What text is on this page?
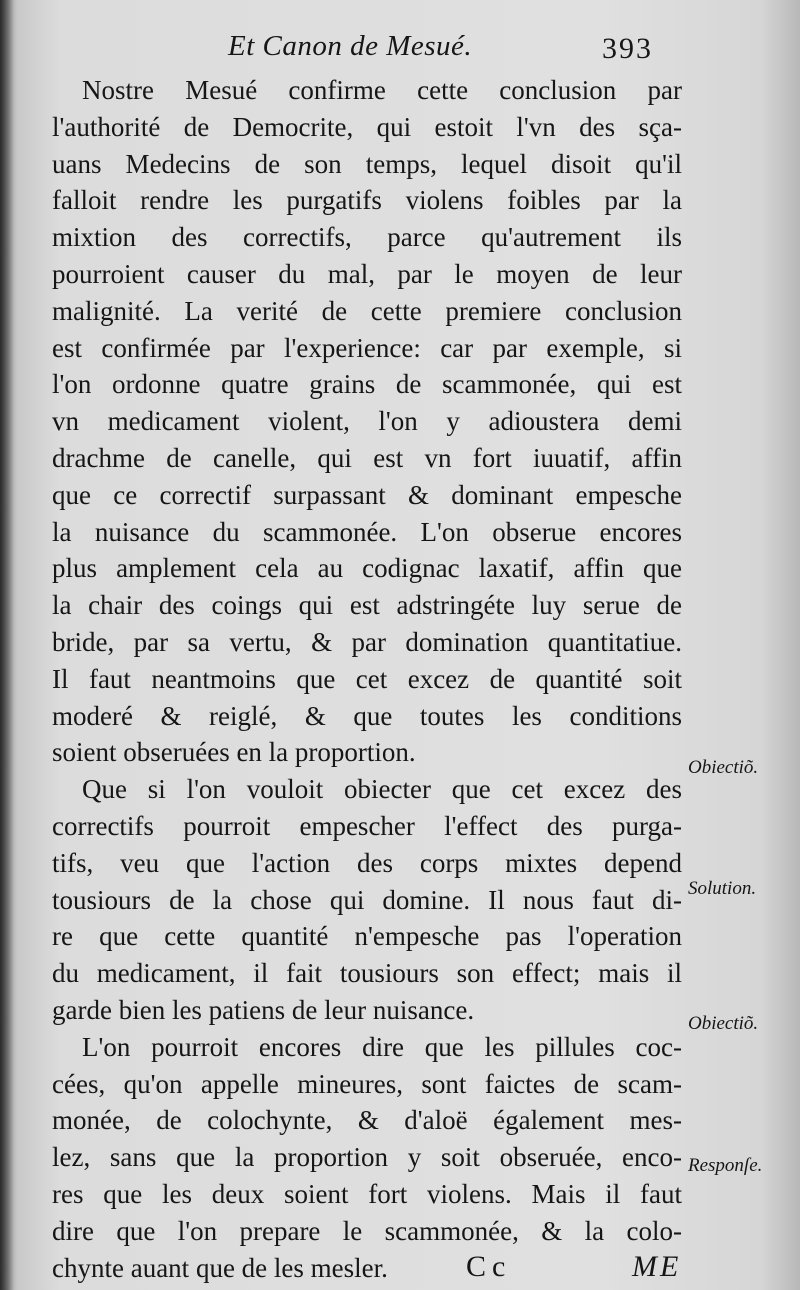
Et Canon de Mesué.	393
Nostre Mesué confirme cette conclusion par
l'authorité de Democrite, qui estoit l'vn des sça-
uans Medecins de son temps, lequel disoit qu'il
falloit rendre les purgatifs violens foibles par la
mixtion des correctifs, parce qu'autrement ils
pourroient causer du mal, par le moyen de leur
malignité. La verité de cette premiere conclusion
est confirmée par l'experience: car par exemple, si
l'on ordonne quatre grains de scammonée, qui est
vn medicament violent, l'on y adioustera demi
drachme de canelle, qui est vn fort iuuatif, affin
que ce correctif surpassant & dominant empesche
la nuisance du scammonée. L'on obserue encores
plus amplement cela au codignac laxatif, affin que
la chair des coings qui est adstringéte luy serue de
bride, par sa vertu, & par domination quantitatiue.
Il faut neantmoins que cet excez de quantité soit
moderé & reiglé, & que toutes les conditions
soient obseruées en la proportion.
Que si l'on vouloit obiecter que cet excez des
correctifs pourroit empescher l'effect des purga-
tifs, veu que l'action des corps mixtes depend
tousiours de la chose qui domine. Il nous faut di-
re que cette quantité n'empesche pas l'operation
du medicament, il fait tousiours son effect; mais il
garde bien les patiens de leur nuisance.
L'on pourroit encores dire que les pillules coc-
cées, qu'on appelle mineures, sont faictes de scam-
monée, de colochynte, & d'aloë également mes-
lez, sans que la proportion y soit obseruée, enco-
res que les deux soient fort violens. Mais il faut
dire que l'on prepare le scammonée, & la colo-
chynte auant que de les mesler.
Obiectiõ.
Solution.
Obiectiõ.
Responſe.
Cc	ME
